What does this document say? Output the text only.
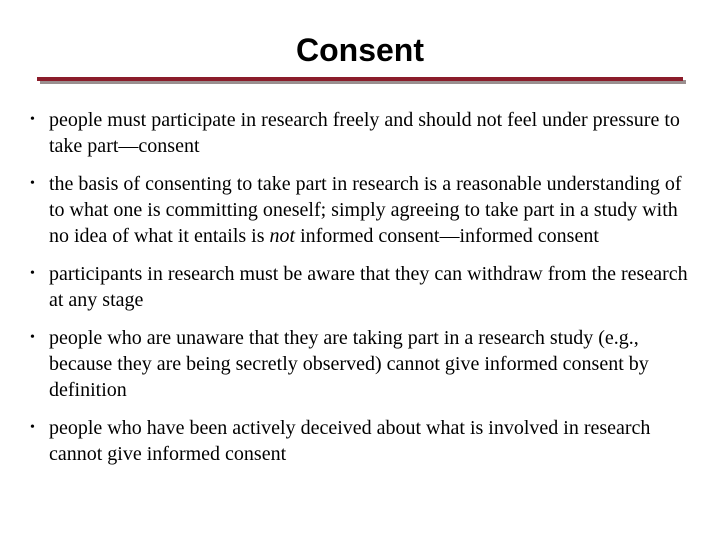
Consent
• people must participate in research freely and should not feel under pressure to take part—consent
• the basis of consenting to take part in research is a reasonable understanding of to what one is committing oneself; simply agreeing to take part in a study with no idea of what it entails is not informed consent—informed consent
• participants in research must be aware that they can withdraw from the research at any stage
• people who are unaware that they are taking part in a research study (e.g., because they are being secretly observed) cannot give informed consent by definition
• people who have been actively deceived about what is involved in research cannot give informed consent
